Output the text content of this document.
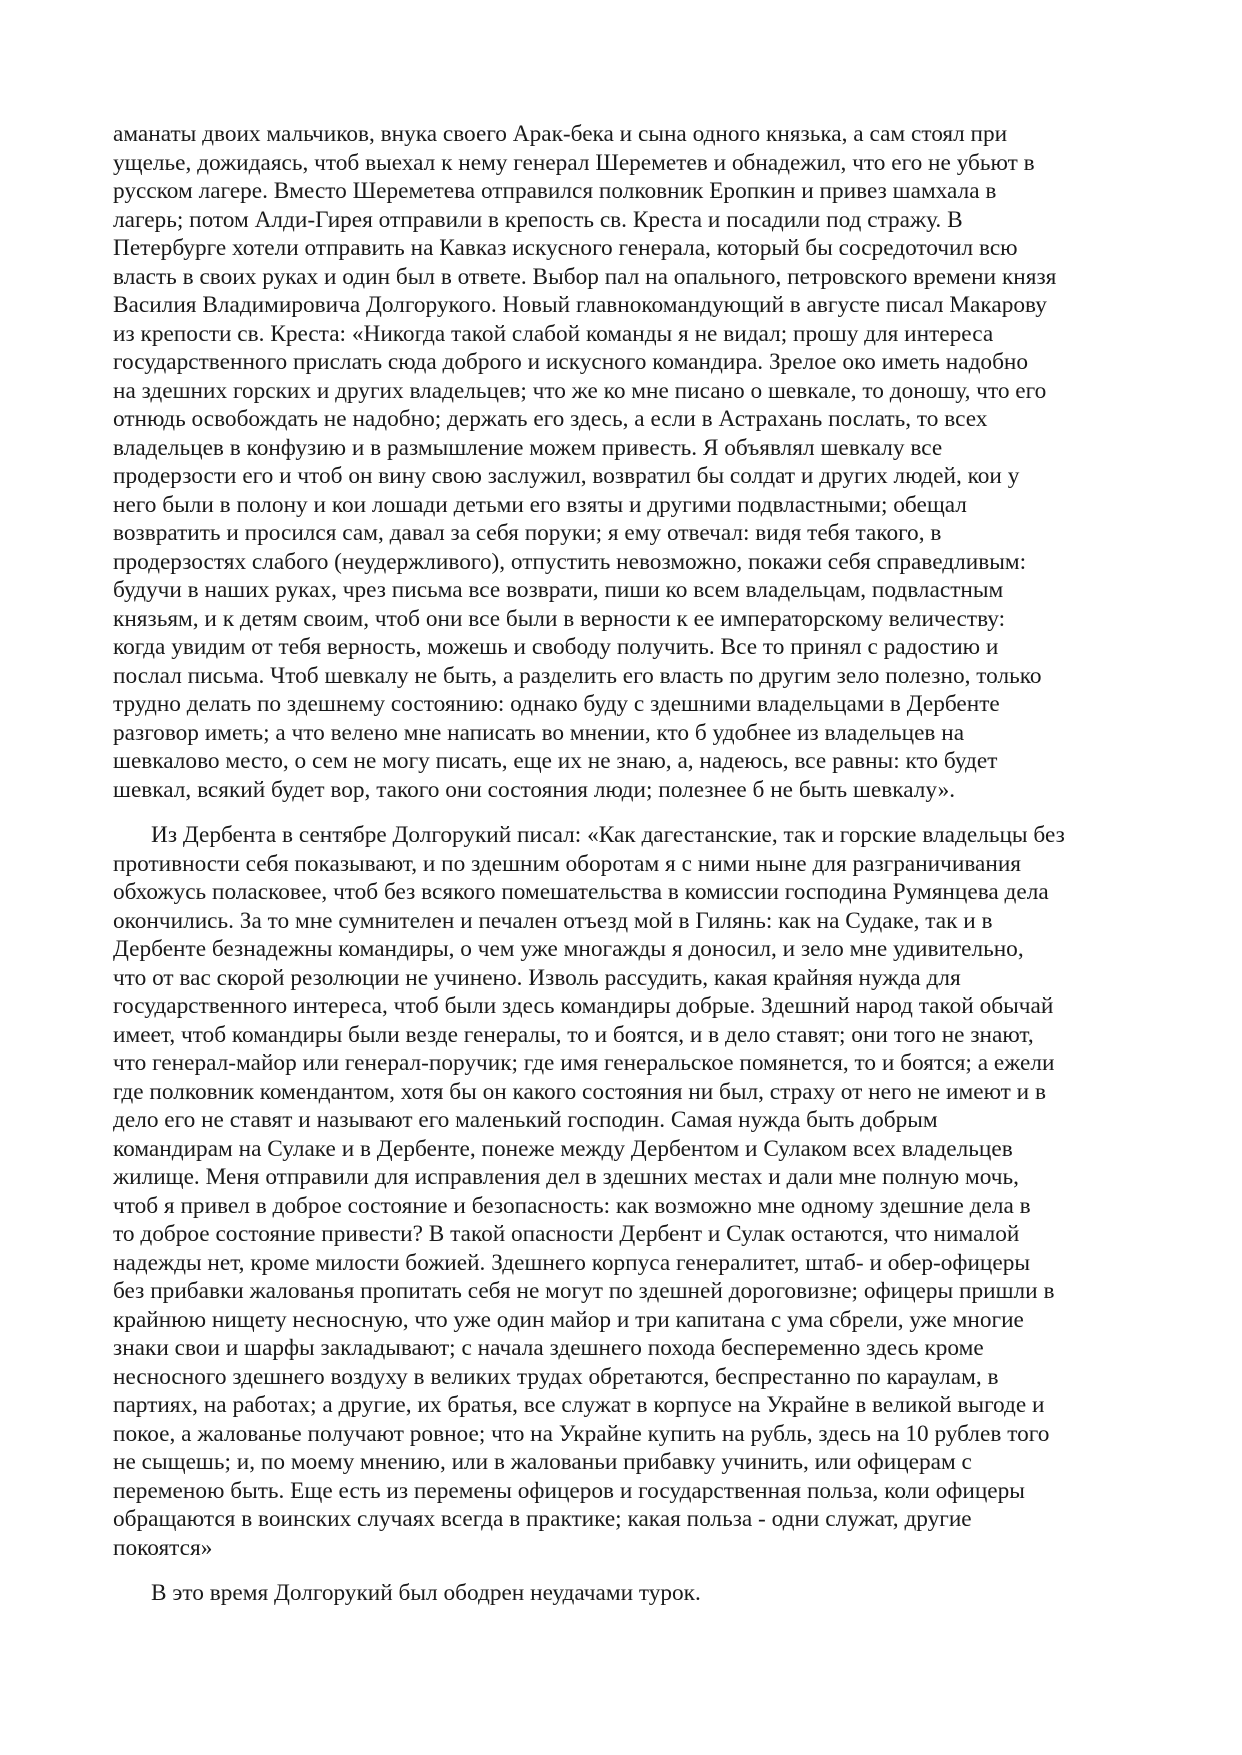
аманаты двоих мальчиков, внука своего Арак-бека и сына одного князька, а сам стоял при
ущелье, дожидаясь, чтоб выехал к нему генерал Шереметев и обнадежил, что его не убьют в
русском лагере. Вместо Шереметева отправился полковник Еропкин и привез шамхала в
лагерь; потом Алди-Гирея отправили в крепость св. Креста и посадили под стражу. В
Петербурге хотели отправить на Кавказ искусного генерала, который бы сосредоточил всю
власть в своих руках и один был в ответе. Выбор пал на опального, петровского времени князя
Василия Владимировича Долгорукого. Новый главнокомандующий в августе писал Макарову
из крепости св. Креста: «Никогда такой слабой команды я не видал; прошу для интереса
государственного прислать сюда доброго и искусного командира. Зрелое око иметь надобно
на здешних горских и других владельцев; что же ко мне писано о шевкале, то доношу, что его
отнюдь освобождать не надобно; держать его здесь, а если в Астрахань послать, то всех
владельцев в конфузию и в размышление можем привесть. Я объявлял шевкалу все
продерзости его и чтоб он вину свою заслужил, возвратил бы солдат и других людей, кои у
него были в полону и кои лошади детьми его взяты и другими подвластными; обещал
возвратить и просился сам, давал за себя поруки; я ему отвечал: видя тебя такого, в
продерзостях слабого (неудержливого), отпустить невозможно, покажи себя справедливым:
будучи в наших руках, чрез письма все возврати, пиши ко всем владельцам, подвластным
князьям, и к детям своим, чтоб они все были в верности к ее императорскому величеству:
когда увидим от тебя верность, можешь и свободу получить. Все то принял с радостию и
послал письма. Чтоб шевкалу не быть, а разделить его власть по другим зело полезно, только
трудно делать по здешнему состоянию: однако буду с здешними владельцами в Дербенте
разговор иметь; а что велено мне написать во мнении, кто б удобнее из владельцев на
шевкалово место, о сем не могу писать, еще их не знаю, а, надеюсь, все равны: кто будет
шевкал, всякий будет вор, такого они состояния люди; полезнее б не быть шевкалу».

Из Дербента в сентябре Долгорукий писал: «Как дагестанские, так и горские владельцы без
противности себя показывают, и по здешним оборотам я с ними ныне для разграничивания
обхожусь поласковее, чтоб без всякого помешательства в комиссии господина Румянцева дела
окончились. За то мне сумнителен и печален отъезд мой в Гилянь: как на Судаке, так и в
Дербенте безнадежны командиры, о чем уже многажды я доносил, и зело мне удивительно,
что от вас скорой резолюции не учинено. Изволь рассудить, какая крайняя нужда для
государственного интереса, чтоб были здесь командиры добрые. Здешний народ такой обычай
имеет, чтоб командиры были везде генералы, то и боятся, и в дело ставят; они того не знают,
что генерал-майор или генерал-поручик; где имя генеральское помянется, то и боятся; а ежели
где полковник комендантом, хотя бы он какого состояния ни был, страху от него не имеют и в
дело его не ставят и называют его маленький господин. Самая нужда быть добрым
командирам на Сулаке и в Дербенте, понеже между Дербентом и Сулаком всех владельцев
жилище. Меня отправили для исправления дел в здешних местах и дали мне полную мочь,
чтоб я привел в доброе состояние и безопасность: как возможно мне одному здешние дела в
то доброе состояние привести? В такой опасности Дербент и Сулак остаются, что нималой
надежды нет, кроме милости божией. Здешнего корпуса генералитет, штаб- и обер-офицеры
без прибавки жалованья пропитать себя не могут по здешней дороговизне; офицеры пришли в
крайнюю нищету несносную, что уже один майор и три капитана с ума сбрели, уже многие
знаки свои и шарфы закладывают; с начала здешнего похода беспеременно здесь кроме
несносного здешнего воздуху в великих трудах обретаются, беспрестанно по караулам, в
партиях, на работах; а другие, их братья, все служат в корпусе на Украйне в великой выгоде и
покое, а жалованье получают ровное; что на Украйне купить на рубль, здесь на 10 рублев того
не сыщешь; и, по моему мнению, или в жалованьи прибавку учинить, или офицерам с
переменою быть. Еще есть из перемены офицеров и государственная польза, коли офицеры
обращаются в воинских случаях всегда в практике; какая польза - одни служат, другие
покоятся»

В это время Долгорукий был ободрен неудачами турок.
